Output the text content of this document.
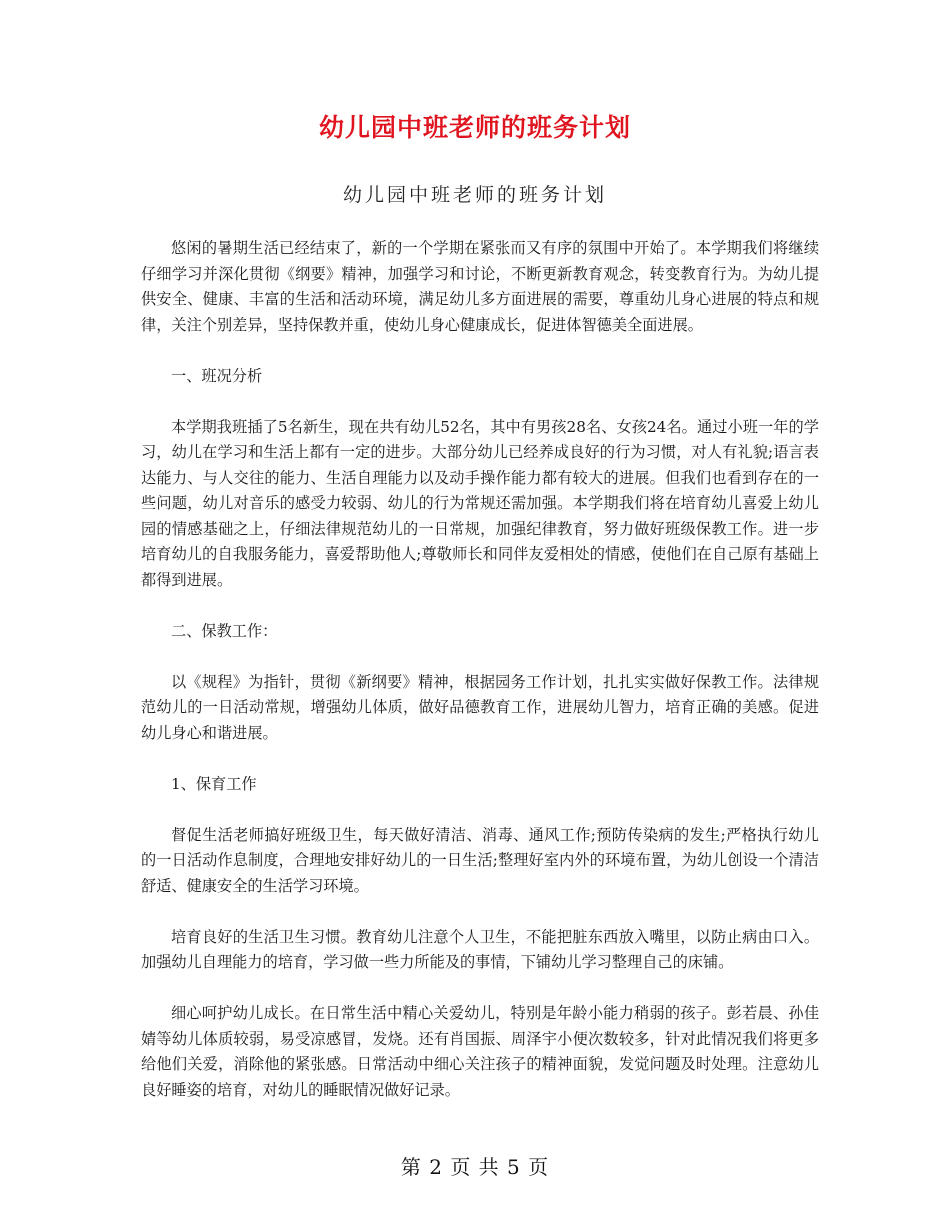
幼儿园中班老师的班务计划
幼儿园中班老师的班务计划

悠闲的暑期生活已经结束了，新的一个学期在紧张而又有序的氛围中开始了。本学期我们将继续仔细学习并深化贯彻《纲要》精神，加强学习和讨论，不断更新教育观念，转变教育行为。为幼儿提供安全、健康、丰富的生活和活动环境，满足幼儿多方面进展的需要，尊重幼儿身心进展的特点和规律，关注个别差异，坚持保教并重，使幼儿身心健康成长，促进体智德美全面进展。

一、班况分析

本学期我班插了5名新生，现在共有幼儿52名，其中有男孩28名、女孩24名。通过小班一年的学习，幼儿在学习和生活上都有一定的进步。大部分幼儿已经养成良好的行为习惯，对人有礼貌;语言表达能力、与人交往的能力、生活自理能力以及动手操作能力都有较大的进展。但我们也看到存在的一些问题，幼儿对音乐的感受力较弱、幼儿的行为常规还需加强。本学期我们将在培育幼儿喜爱上幼儿园的情感基础之上，仔细法律规范幼儿的一日常规，加强纪律教育，努力做好班级保教工作。进一步培育幼儿的自我服务能力，喜爱帮助他人;尊敬师长和同伴友爱相处的情感，使他们在自己原有基础上都得到进展。

二、保教工作：

以《规程》为指针，贯彻《新纲要》精神，根据园务工作计划，扎扎实实做好保教工作。法律规范幼儿的一日活动常规，增强幼儿体质，做好品德教育工作，进展幼儿智力，培育正确的美感。促进幼儿身心和谐进展。

1、保育工作

督促生活老师搞好班级卫生，每天做好清洁、消毒、通风工作;预防传染病的发生;严格执行幼儿的一日活动作息制度，合理地安排好幼儿的一日生活;整理好室内外的环境布置，为幼儿创设一个清洁舒适、健康安全的生活学习环境。

培育良好的生活卫生习惯。教育幼儿注意个人卫生，不能把脏东西放入嘴里，以防止病由口入。加强幼儿自理能力的培育，学习做一些力所能及的事情，下铺幼儿学习整理自己的床铺。

细心呵护幼儿成长。在日常生活中精心关爱幼儿，特别是年龄小能力稍弱的孩子。彭若晨、孙佳婧等幼儿体质较弱，易受凉感冒，发烧。还有肖国振、周泽宇小便次数较多，针对此情况我们将更多给他们关爱，消除他的紧张感。日常活动中细心关注孩子的精神面貌，发觉问题及时处理。注意幼儿良好睡姿的培育，对幼儿的睡眠情况做好记录。

第 2 页 共 5 页
